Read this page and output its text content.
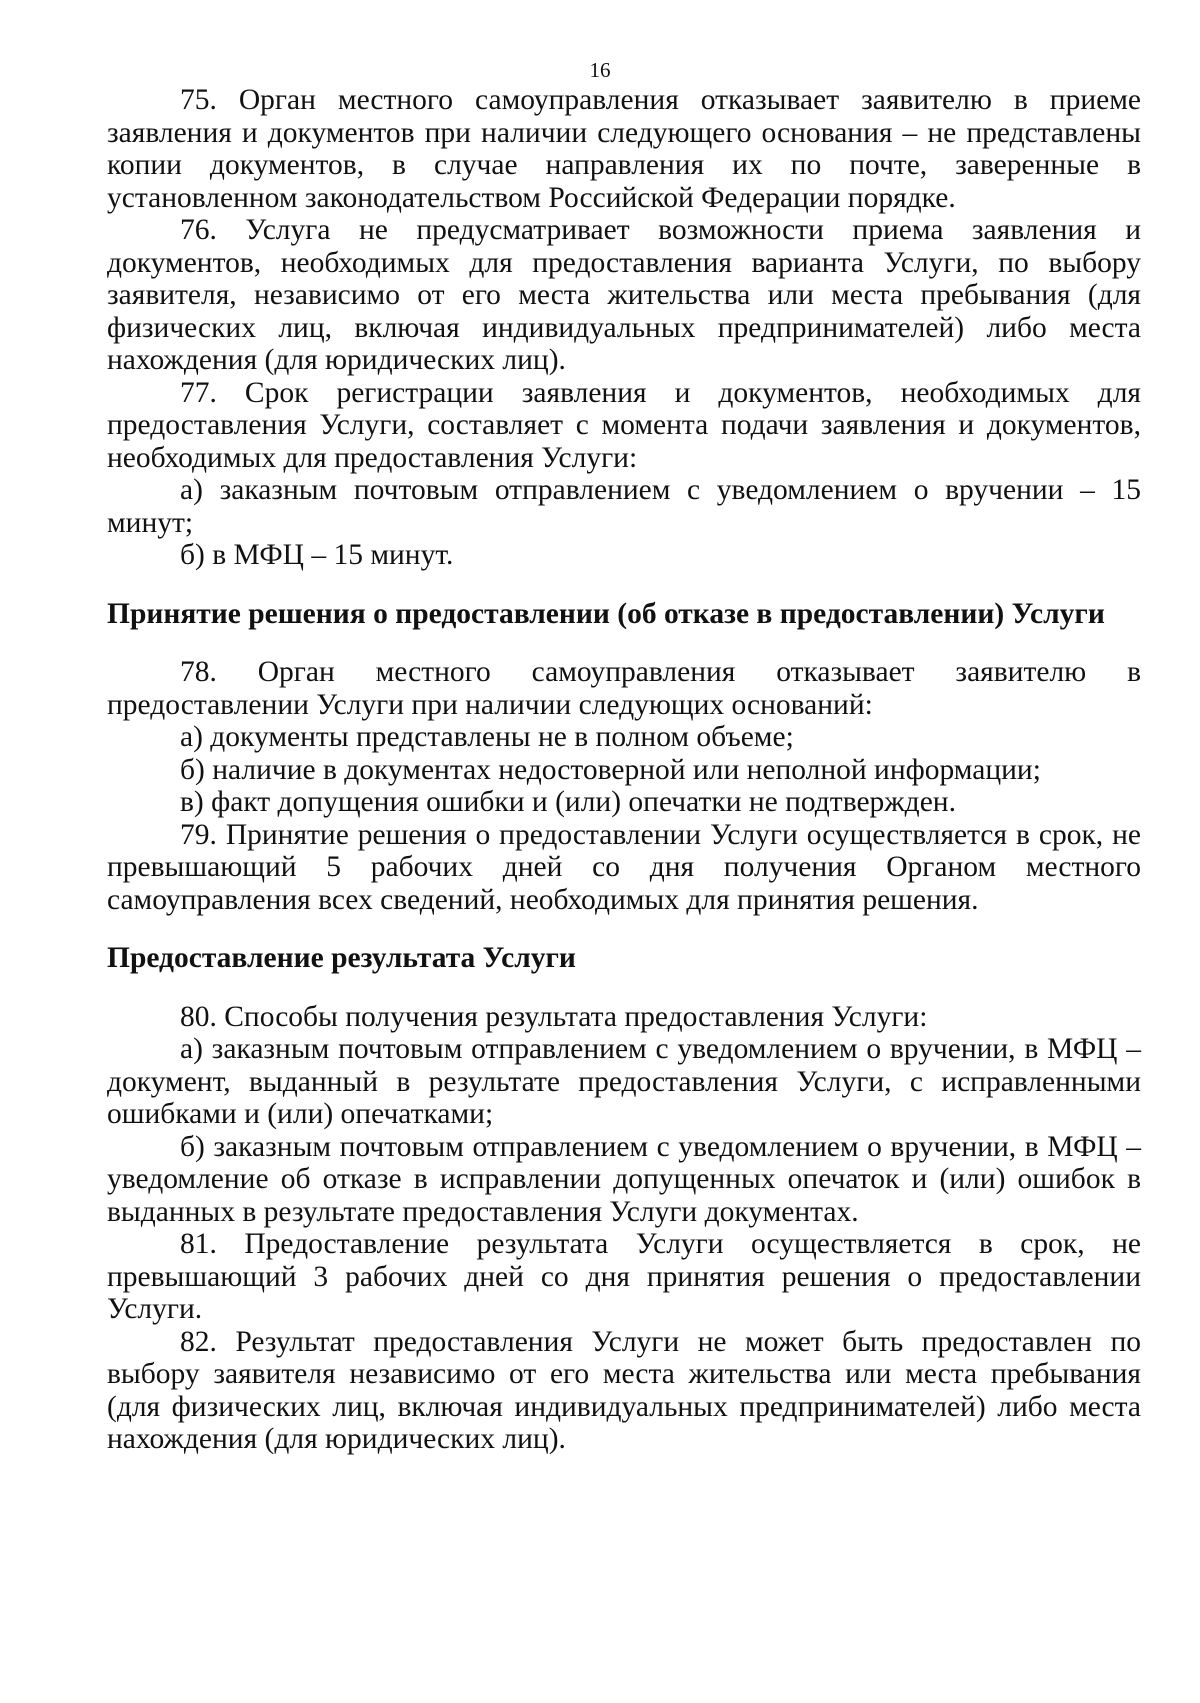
16

75. Орган местного самоуправления отказывает заявителю в приеме заявления и документов при наличии следующего основания – не представлены копии документов, в случае направления их по почте, заверенные в установленном законодательством Российской Федерации порядке.

76. Услуга не предусматривает возможности приема заявления и документов, необходимых для предоставления варианта Услуги, по выбору заявителя, независимо от его места жительства или места пребывания (для физических лиц, включая индивидуальных предпринимателей) либо места нахождения (для юридических лиц).

77. Срок регистрации заявления и документов, необходимых для предоставления Услуги, составляет с момента подачи заявления и документов, необходимых для предоставления Услуги:

а) заказным почтовым отправлением с уведомлением о вручении – 15 минут;

б) в МФЦ – 15 минут.

Принятие решения о предоставлении (об отказе в предоставлении) Услуги

78. Орган местного самоуправления отказывает заявителю в предоставлении Услуги при наличии следующих оснований:

а) документы представлены не в полном объеме;

б) наличие в документах недостоверной или неполной информации;

в) факт допущения ошибки и (или) опечатки не подтвержден.

79. Принятие решения о предоставлении Услуги осуществляется в срок, не превышающий 5 рабочих дней со дня получения Органом местного самоуправления всех сведений, необходимых для принятия решения.

Предоставление результата Услуги

80. Способы получения результата предоставления Услуги:

а) заказным почтовым отправлением с уведомлением о вручении, в МФЦ – документ, выданный в результате предоставления Услуги, с исправленными ошибками и (или) опечатками;

б) заказным почтовым отправлением с уведомлением о вручении, в МФЦ – уведомление об отказе в исправлении допущенных опечаток и (или) ошибок в выданных в результате предоставления Услуги документах.

81. Предоставление результата Услуги осуществляется в срок, не превышающий 3 рабочих дней со дня принятия решения о предоставлении Услуги.

82. Результат предоставления Услуги не может быть предоставлен по выбору заявителя независимо от его места жительства или места пребывания (для физических лиц, включая индивидуальных предпринимателей) либо места нахождения (для юридических лиц).
